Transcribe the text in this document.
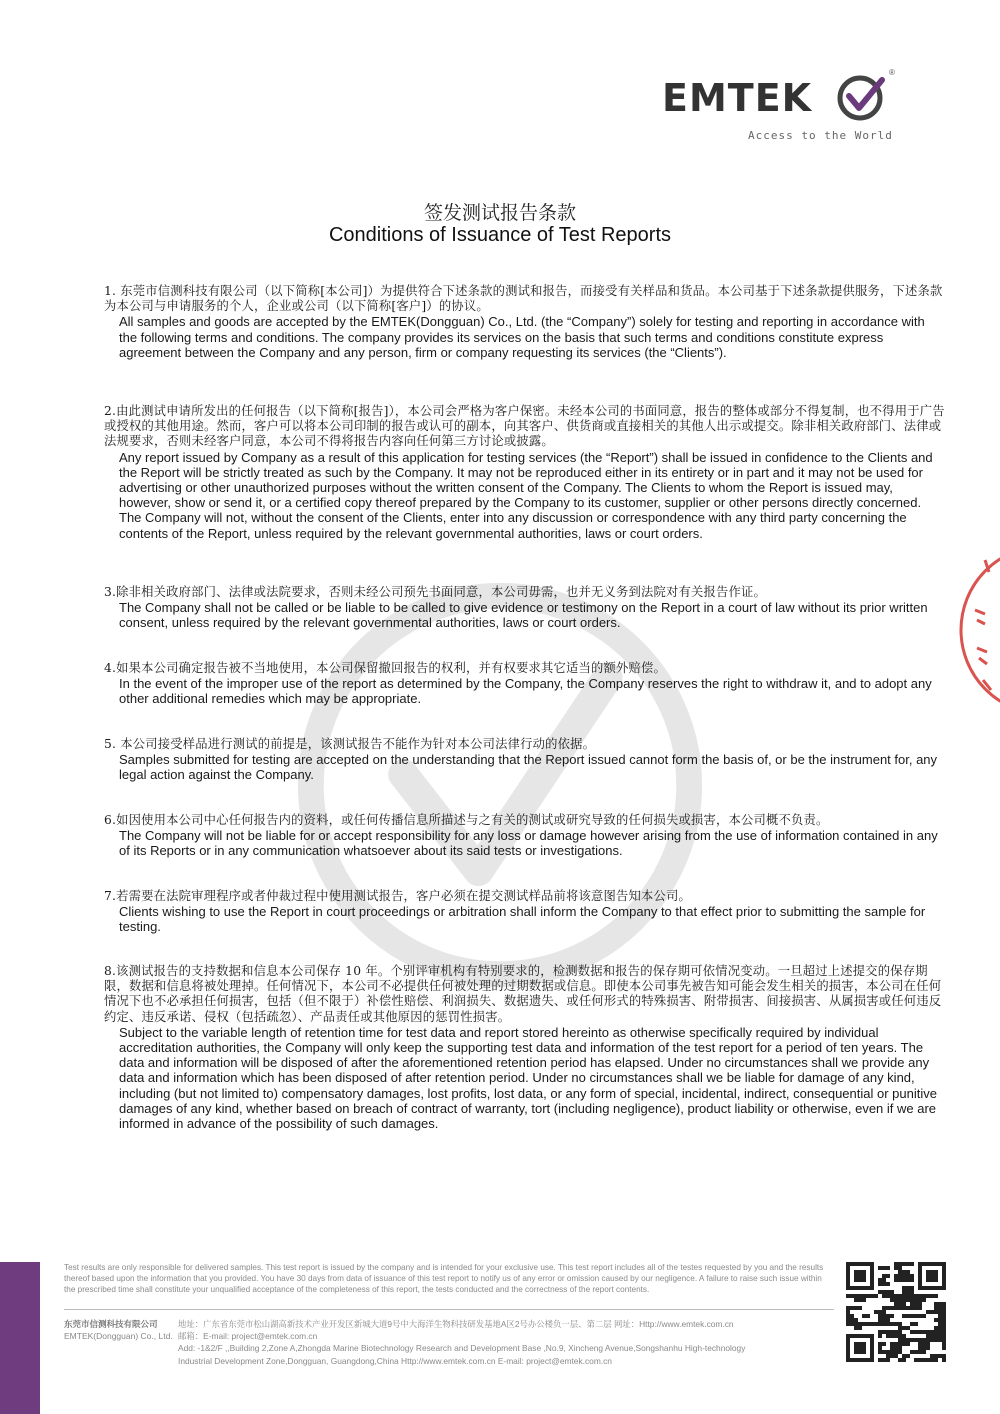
EMTEK
®
Access to the World
签发测试报告条款
Conditions of Issuance of Test Reports
1. 东莞市信测科技有限公司（以下简称[本公司]）为提供符合下述条款的测试和报告，而接受有关样品和货品。本公司基于下述条款提供服务，下述条款为本公司与申请服务的个人，企业或公司（以下简称[客户]）的协议。
All samples and goods are accepted by the EMTEK(Dongguan) Co., Ltd. (the “Company”) solely for testing and reporting in accordance with the following terms and conditions. The company provides its services on the basis that such terms and conditions constitute express agreement between the Company and any person, firm or company requesting its services (the “Clients”).
2.由此测试申请所发出的任何报告（以下简称[报告]），本公司会严格为客户保密。未经本公司的书面同意，报告的整体或部分不得复制，也不得用于广告或授权的其他用途。然而，客户可以将本公司印制的报告或认可的副本，向其客户、供货商或直接相关的其他人出示或提交。除非相关政府部门、法律或法规要求，否则未经客户同意，本公司不得将报告内容向任何第三方讨论或披露。
Any report issued by Company as a result of this application for testing services (the “Report”) shall be issued in confidence to the Clients and the Report will be strictly treated as such by the Company. It may not be reproduced either in its entirety or in part and it may not be used for advertising or other unauthorized purposes without the written consent of the Company. The Clients to whom the Report is issued may, however, show or send it, or a certified copy thereof prepared by the Company to its customer, supplier or other persons directly concerned. The Company will not, without the consent of the Clients, enter into any discussion or correspondence with any third party concerning the contents of the Report, unless required by the relevant governmental authorities, laws or court orders.
3.除非相关政府部门、法律或法院要求，否则未经公司预先书面同意，本公司毋需，也并无义务到法院对有关报告作证。
The Company shall not be called or be liable to be called to give evidence or testimony on the Report in a court of law without its prior written consent, unless required by the relevant governmental authorities, laws or court orders.
4.如果本公司确定报告被不当地使用，本公司保留撤回报告的权利，并有权要求其它适当的额外赔偿。
In the event of the improper use of the report as determined by the Company, the Company reserves the right to withdraw it, and to adopt any other additional remedies which may be appropriate.
5. 本公司接受样品进行测试的前提是，该测试报告不能作为针对本公司法律行动的依据。
Samples submitted for testing are accepted on the understanding that the Report issued cannot form the basis of, or be the instrument for, any legal action against the Company.
6.如因使用本公司中心任何报告内的资料，或任何传播信息所描述与之有关的测试或研究导致的任何损失或损害，本公司概不负责。
The Company will not be liable for or accept responsibility for any loss or damage however arising from the use of information contained in any of its Reports or in any communication whatsoever about its said tests or investigations.
7.若需要在法院审理程序或者仲裁过程中使用测试报告，客户必须在提交测试样品前将该意图告知本公司。
Clients wishing to use the Report in court proceedings or arbitration shall inform the Company to that effect prior to submitting the sample for testing.
8.该测试报告的支持数据和信息本公司保存 10 年。个别评审机构有特别要求的，检测数据和报告的保存期可依情况变动。一旦超过上述提交的保存期限，数据和信息将被处理掉。任何情况下，本公司不必提供任何被处理的过期数据或信息。即使本公司事先被告知可能会发生相关的损害，本公司在任何情况下也不必承担任何损害，包括（但不限于）补偿性赔偿、利润损失、数据遗失、或任何形式的特殊损害、附带损害、间接损害、从属损害或任何违反约定、违反承诺、侵权（包括疏忽）、产品责任或其他原因的惩罚性损害。
Subject to the variable length of retention time for test data and report stored hereinto as otherwise specifically required by individual accreditation authorities, the Company will only keep the supporting test data and information of the test report for a period of ten years. The data and information will be disposed of after the aforementioned retention period has elapsed. Under no circumstances shall we provide any data and information which has been disposed of after retention period. Under no circumstances shall we be liable for damage of any kind, including (but not limited to) compensatory damages, lost profits, lost data, or any form of special, incidental, indirect, consequential or punitive damages of any kind, whether based on breach of contract of warranty, tort (including negligence), product liability or otherwise, even if we are informed in advance of the possibility of such damages.
Test results are only responsible for delivered samples. This test report is issued by the company and is intended for your exclusive use. This test report includes all of the testes requested by you and the results thereof based upon the information that you provided. You have 30 days from data of issuance of this test report to notify us of any error or omission caused by our negligence. A failure to raise such issue within the prescribed time shall constitute your unqualified acceptance of the completeness of this report, the tests conducted and the correctness of the report contents.
东莞市信测科技有限公司
EMTEK(Dongguan) Co., Ltd.
地址：广东省东莞市松山湖高新技术产业开发区新城大道9号中大海洋生物科技研发基地A区2号办公楼负一层、第二层 网址：Http://www.emtek.com.cn
邮箱：E-mail: project@emtek.com.cn
Add: -1&2/F ,,Building 2,Zone A,Zhongda Marine Biotechnology Research and Development Base ,No.9, Xincheng Avenue,Songshanhu High-technology
Industrial Development Zone,Dongguan, Guangdong,China Http://www.emtek.com.cn E-mail: project@emtek.com.cn
